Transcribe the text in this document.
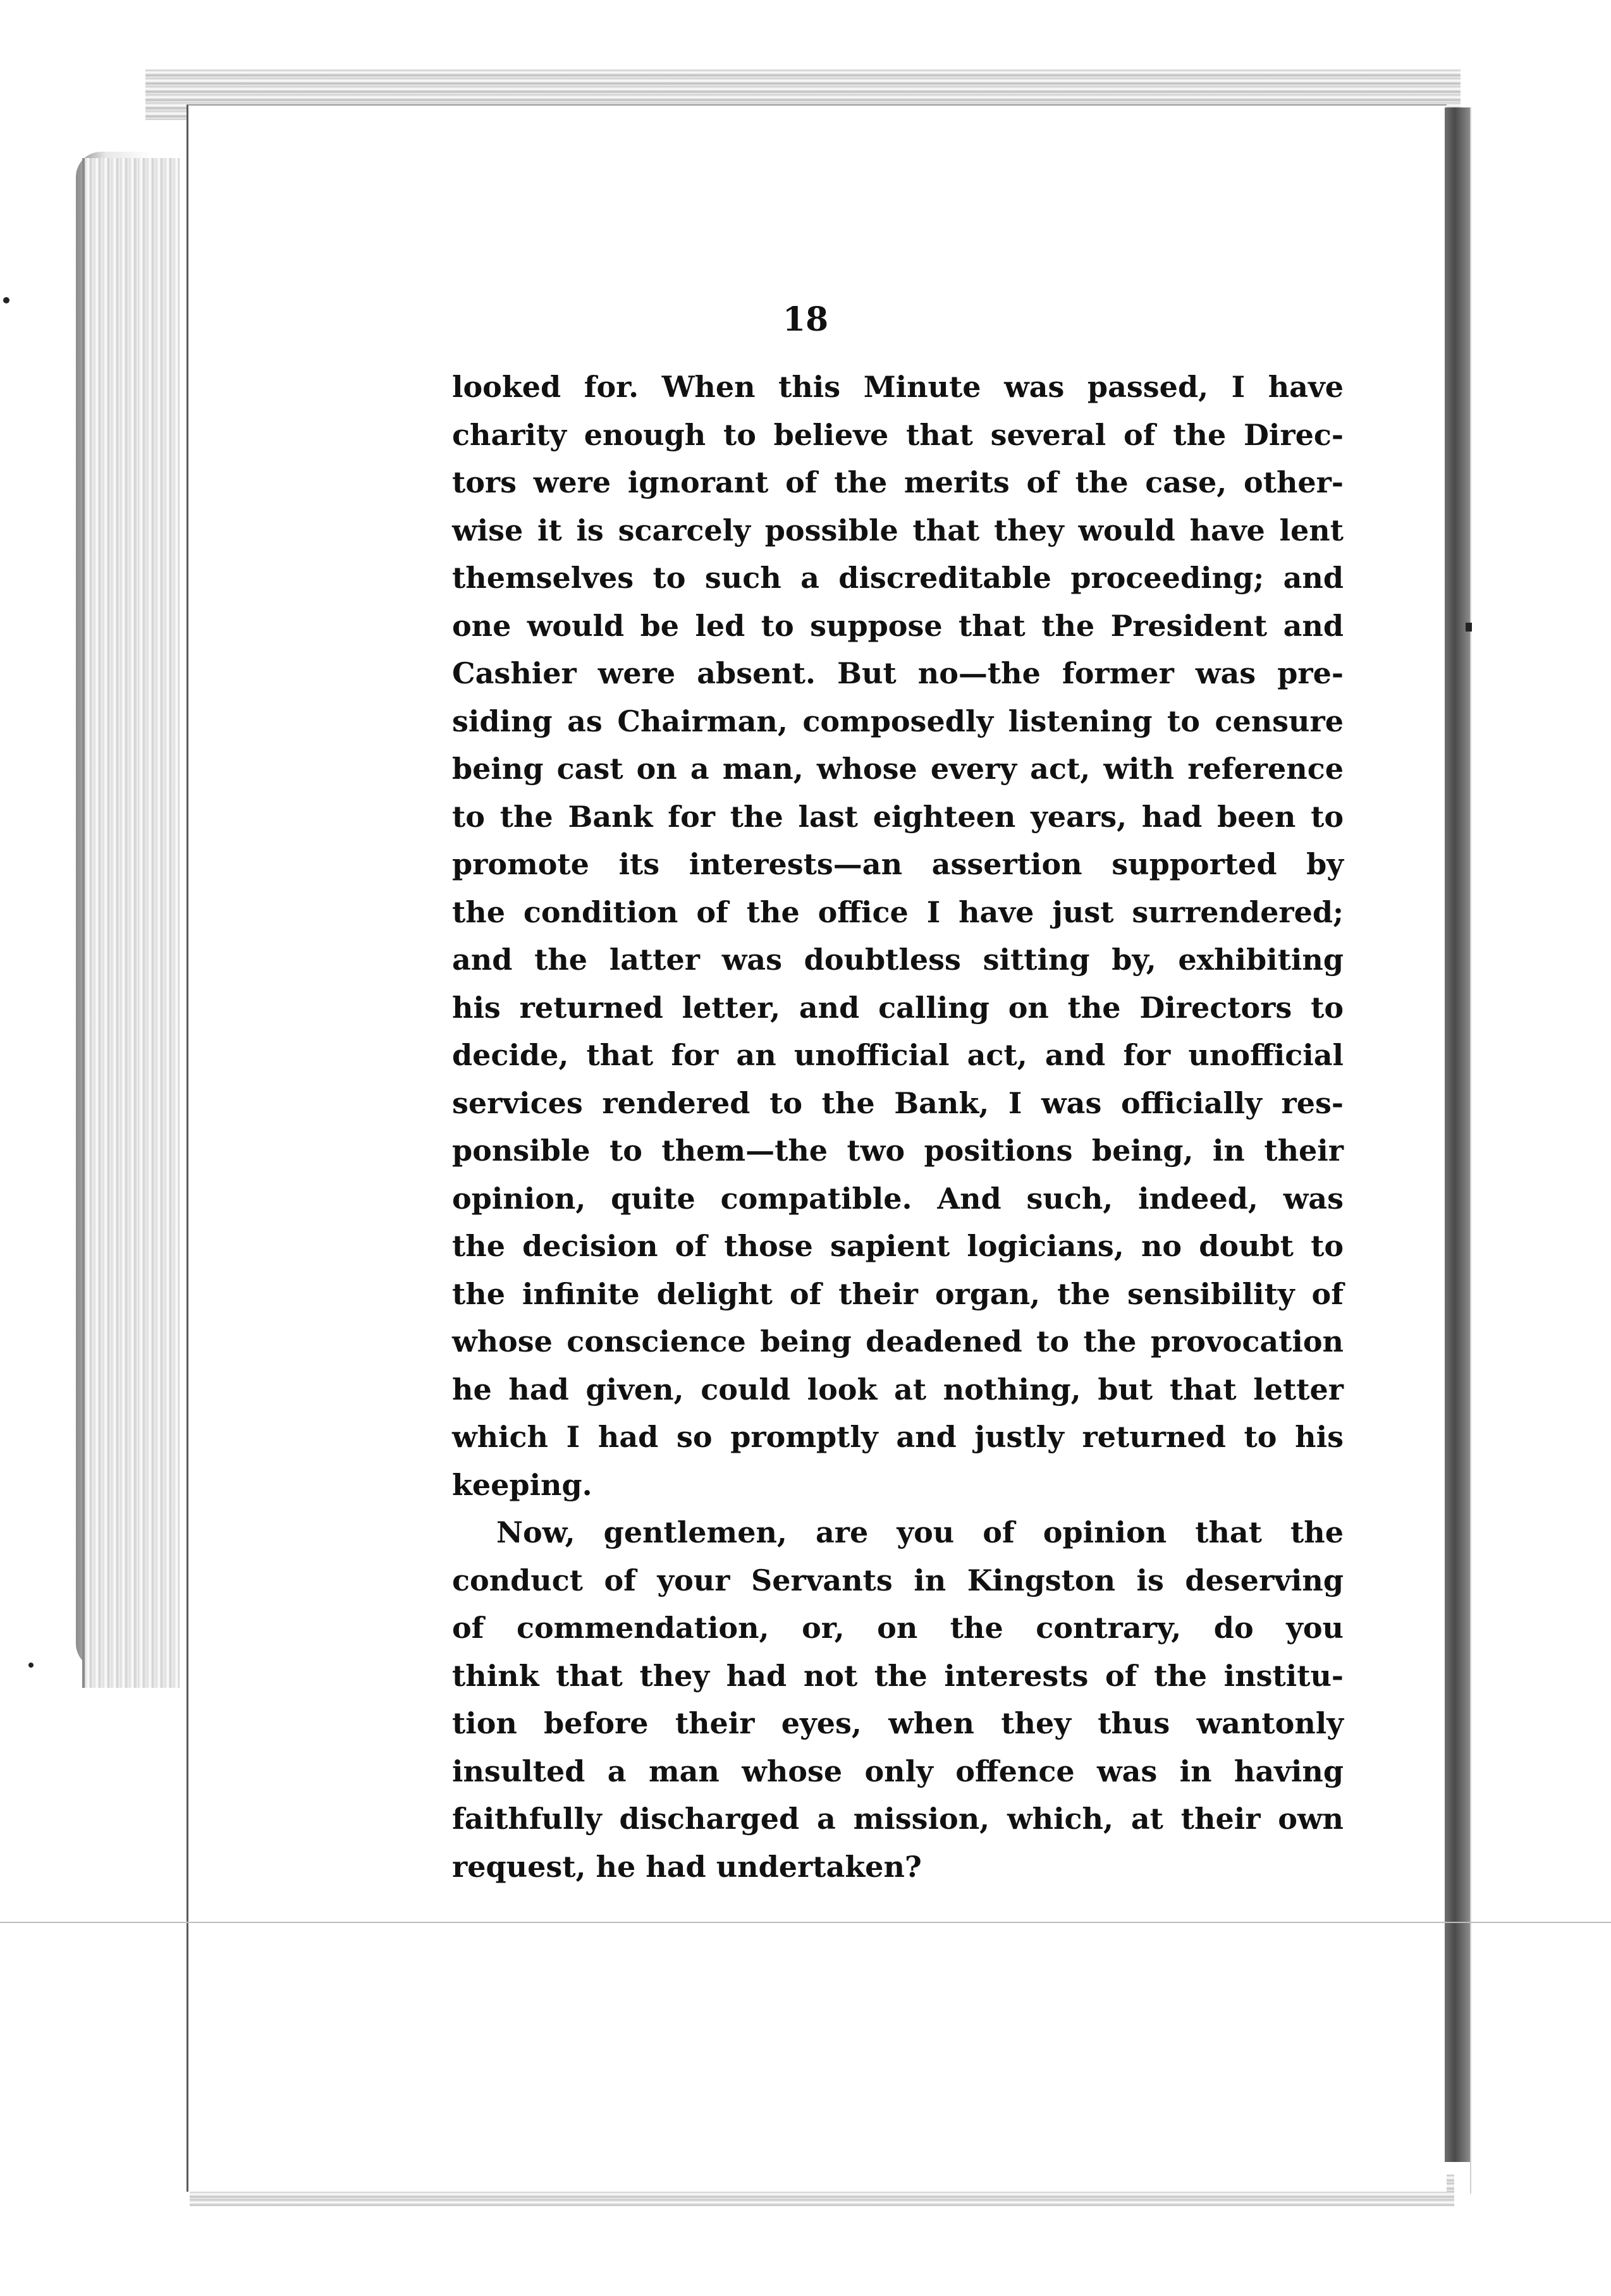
18
looked for. When this Minute was passed, I have
charity enough to believe that several of the Direc-
tors were ignorant of the merits of the case, other-
wise it is scarcely possible that they would have lent
themselves to such a discreditable proceeding; and
one would be led to suppose that the President and
Cashier were absent. But no—the former was pre-
siding as Chairman, composedly listening to censure
being cast on a man, whose every act, with reference
to the Bank for the last eighteen years, had been to
promote its interests—an assertion supported by
the condition of the office I have just surrendered;
and the latter was doubtless sitting by, exhibiting
his returned letter, and calling on the Directors to
decide, that for an unofficial act, and for unofficial
services rendered to the Bank, I was officially res-
ponsible to them—the two positions being, in their
opinion, quite compatible. And such, indeed, was
the decision of those sapient logicians, no doubt to
the infinite delight of their organ, the sensibility of
whose conscience being deadened to the provocation
he had given, could look at nothing, but that letter
which I had so promptly and justly returned to his
keeping.
Now, gentlemen, are you of opinion that the
conduct of your Servants in Kingston is deserving
of commendation, or, on the contrary, do you
think that they had not the interests of the institu-
tion before their eyes, when they thus wantonly
insulted a man whose only offence was in having
faithfully discharged a mission, which, at their own
request, he had undertaken?
